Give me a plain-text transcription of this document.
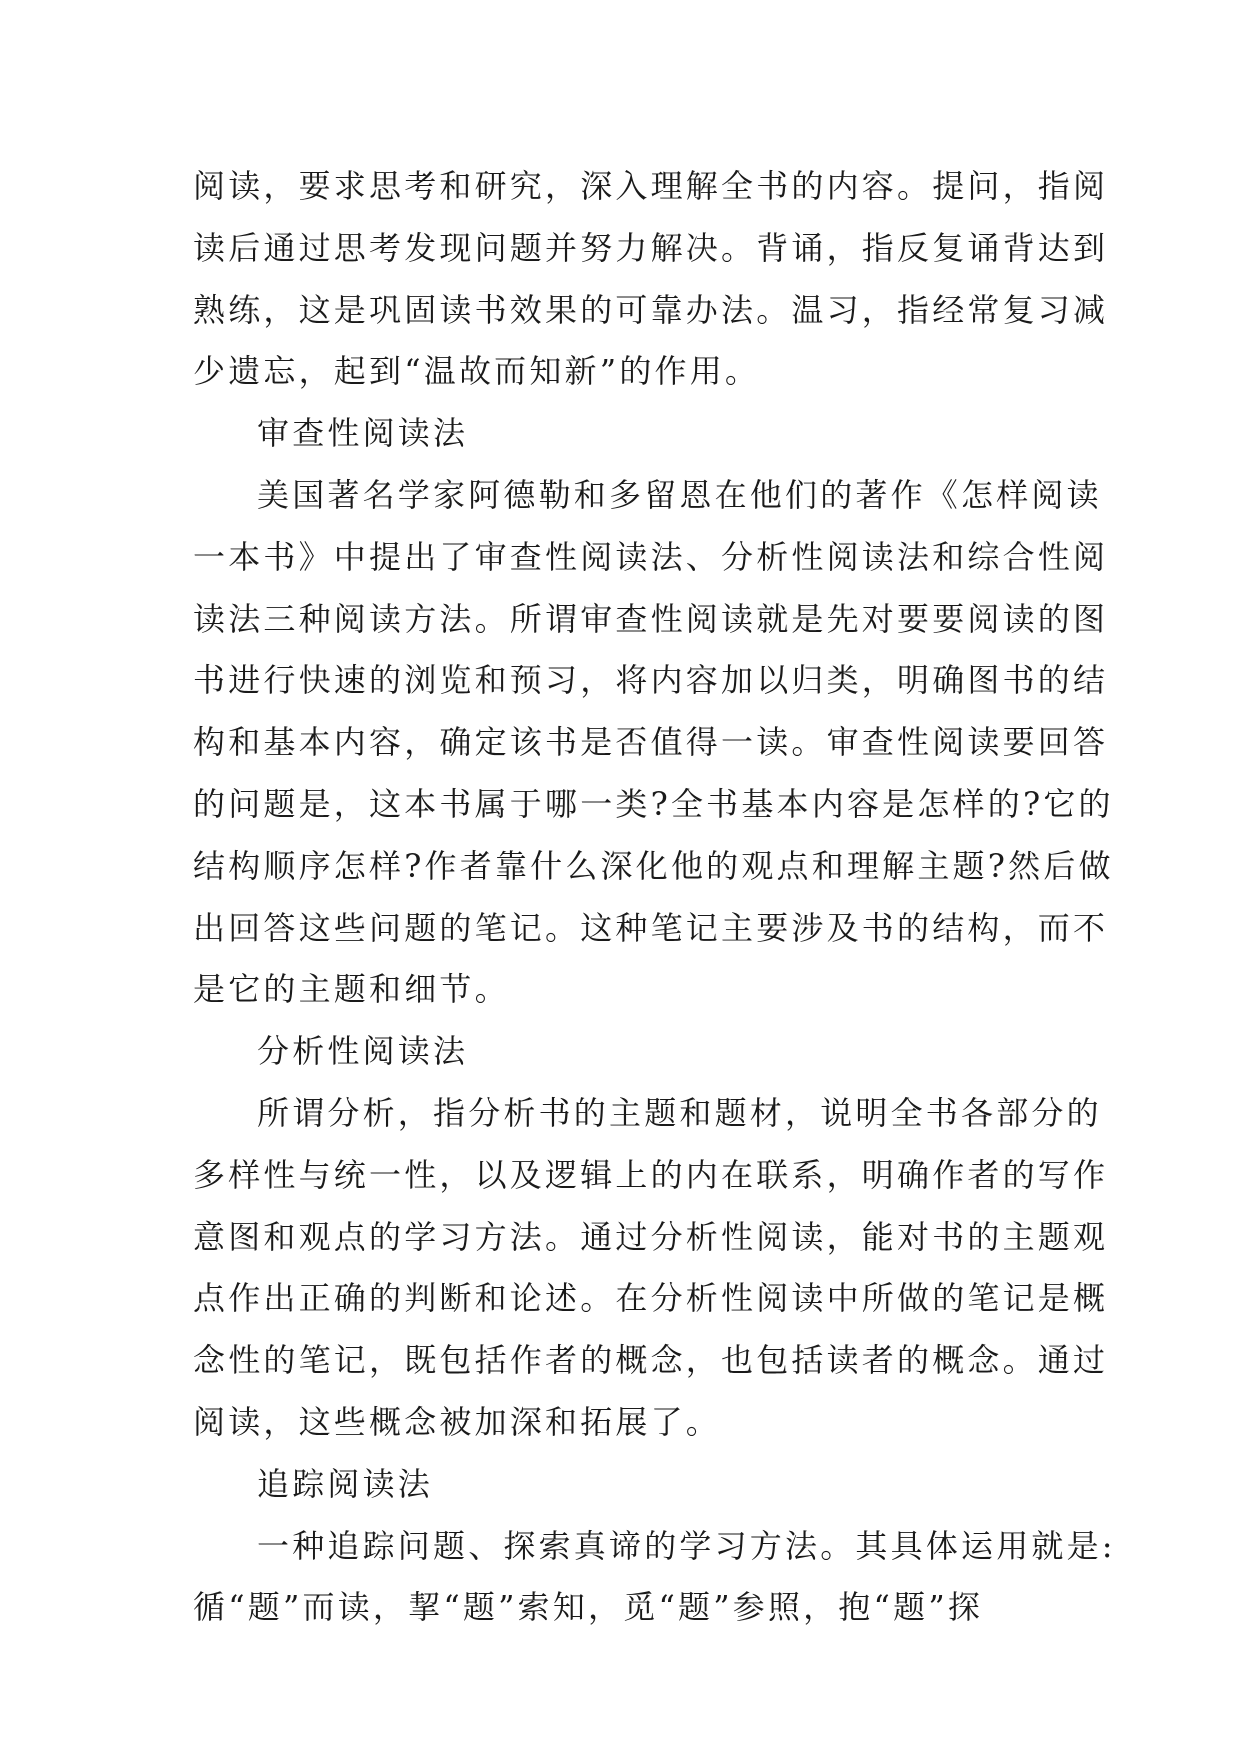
阅读，要求思考和研究，深入理解全书的内容。提问，指阅
读后通过思考发现问题并努力解决。背诵，指反复诵背达到
熟练，这是巩固读书效果的可靠办法。温习，指经常复习减
少遗忘，起到“温故而知新”的作用。

审查性阅读法

美国著名学家阿德勒和多留恩在他们的著作《怎样阅读
一本书》中提出了审查性阅读法、分析性阅读法和综合性阅
读法三种阅读方法。所谓审查性阅读就是先对要要阅读的图
书进行快速的浏览和预习，将内容加以归类，明确图书的结
构和基本内容，确定该书是否值得一读。审查性阅读要回答
的问题是，这本书属于哪一类?全书基本内容是怎样的?它的
结构顺序怎样?作者靠什么深化他的观点和理解主题?然后做
出回答这些问题的笔记。这种笔记主要涉及书的结构，而不
是它的主题和细节。

分析性阅读法

所谓分析，指分析书的主题和题材，说明全书各部分的
多样性与统一性，以及逻辑上的内在联系，明确作者的写作
意图和观点的学习方法。通过分析性阅读，能对书的主题观
点作出正确的判断和论述。在分析性阅读中所做的笔记是概
念性的笔记，既包括作者的概念，也包括读者的概念。通过
阅读，这些概念被加深和拓展了。

追踪阅读法

一种追踪问题、探索真谛的学习方法。其具体运用就是:
循“题”而读，挈“题”索知，觅“题”参照，抱“题”探
